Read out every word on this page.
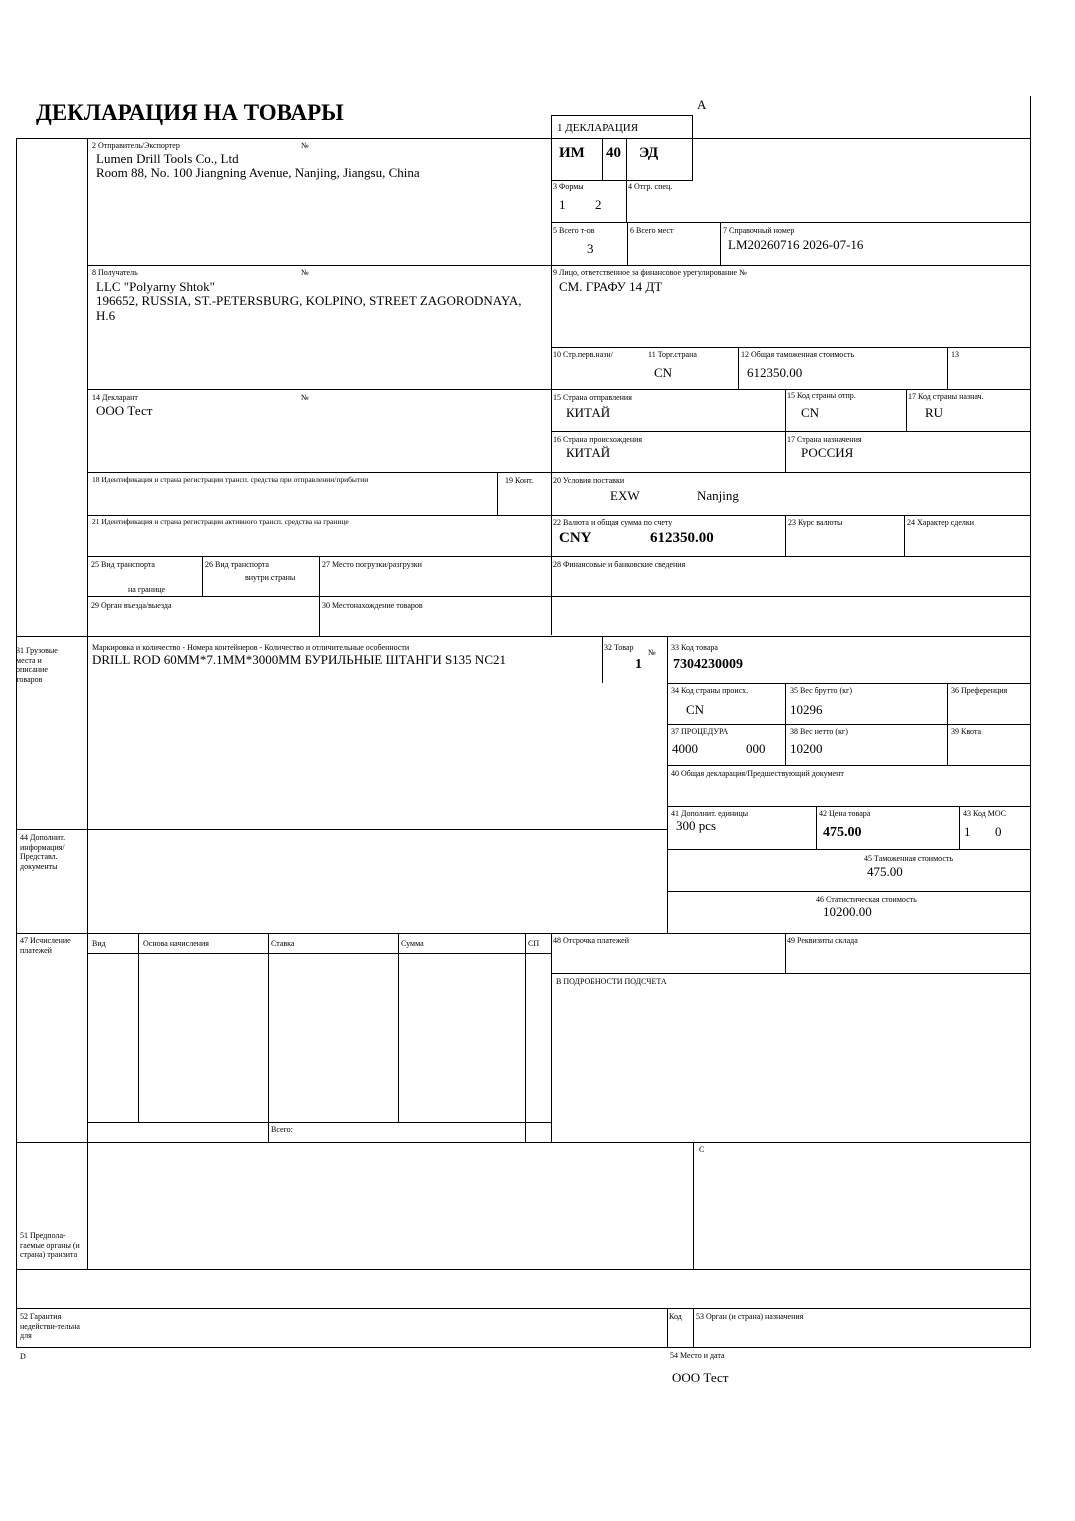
ДЕКЛАРАЦИЯ НА ТОВАРЫ	А
1 ДЕКЛАРАЦИЯ
ИМ 40 ЭД
2 Отправитель/Экспортер	№
Lumen Drill Tools Co., Ltd
Room 88, No. 100 Jiangning Avenue, Nanjing, Jiangsu, China
3 Формы
1 2
4 Отгр. спец.
5 Всего т-ов
3
6 Всего мест	7 Справочный номер
LM20260716 2026-07-16
8 Получатель	№
LLC "Polyarny Shtok"
196652, RUSSIA, ST.-PETERSBURG, KOLPINO, STREET ZAGORODNAYA, H.6
9 Лицо, ответственное за финансовое урегулирование №
СМ. ГРАФУ 14 ДТ
10 Стр.перв.назн/	11 Торг.страна
CN
12 Общая таможенная стоимость
612350.00
13
14 Декларант	№
ООО Тест
15 Страна отправления
КИТАЙ
15 Код страны отпр.
CN
17 Код страны назнач.
RU
16 Страна происхождения
КИТАЙ
17 Страна назначения
РОССИЯ
18 Идентификация и страна регистрации трансп. средства при отправлении/прибытии	19 Конт. 20 Условия поставки
EXW	Nanjing
21 Идентификация и страна регистрации активного трансп. средства на границе	22 Валюта и общая сумма по счету
CNY	612350.00
23 Курс валюты	24 Характер сделки
25 Вид транспорта
на границе
26 Вид транспорта
внутри страны
27 Место погрузки/разгрузки	28 Финансовые и банковские сведения
29 Орган въезда/выезда	30 Местонахождение товаров
31 Грузовые места и описание товаров
Маркировка и количество - Номера контейнеров - Количество и отличительные особенности
DRILL ROD 60MM*7.1MM*3000MM БУРИЛЬНЫЕ ШТАНГИ S135 NC21
32 Товар
№
1
33 Код товара
7304230009
34 Код страны происх.
CN
35 Вес брутто (кг)
10296
36 Преференция
37 ПРОЦЕДУРА
4000	000
38 Вес нетто (кг)
10200
39 Квота
40 Общая декларация/Предшествующий документ
41 Дополнит. единицы
300 pcs
42 Цена товара
475.00
43 Код МОС
1 0
44 Дополнит. информация/ Представл. документы
45 Таможенная стоимость
475.00
46 Статистическая стоимость
10200.00
47 Исчисление платежей
Вид	Основа начисления	Ставка	Сумма	СП
Всего:
48 Отсрочка платежей	49 Реквизиты склада
В ПОДРОБНОСТИ ПОДСЧЕТА
С
51 Предпола-гаемые органы (и страна) транзита
52 Гарантия недействи-тельна для
Код 53 Орган (и страна) назначения
D	54 Место и дата
ООО Тест
